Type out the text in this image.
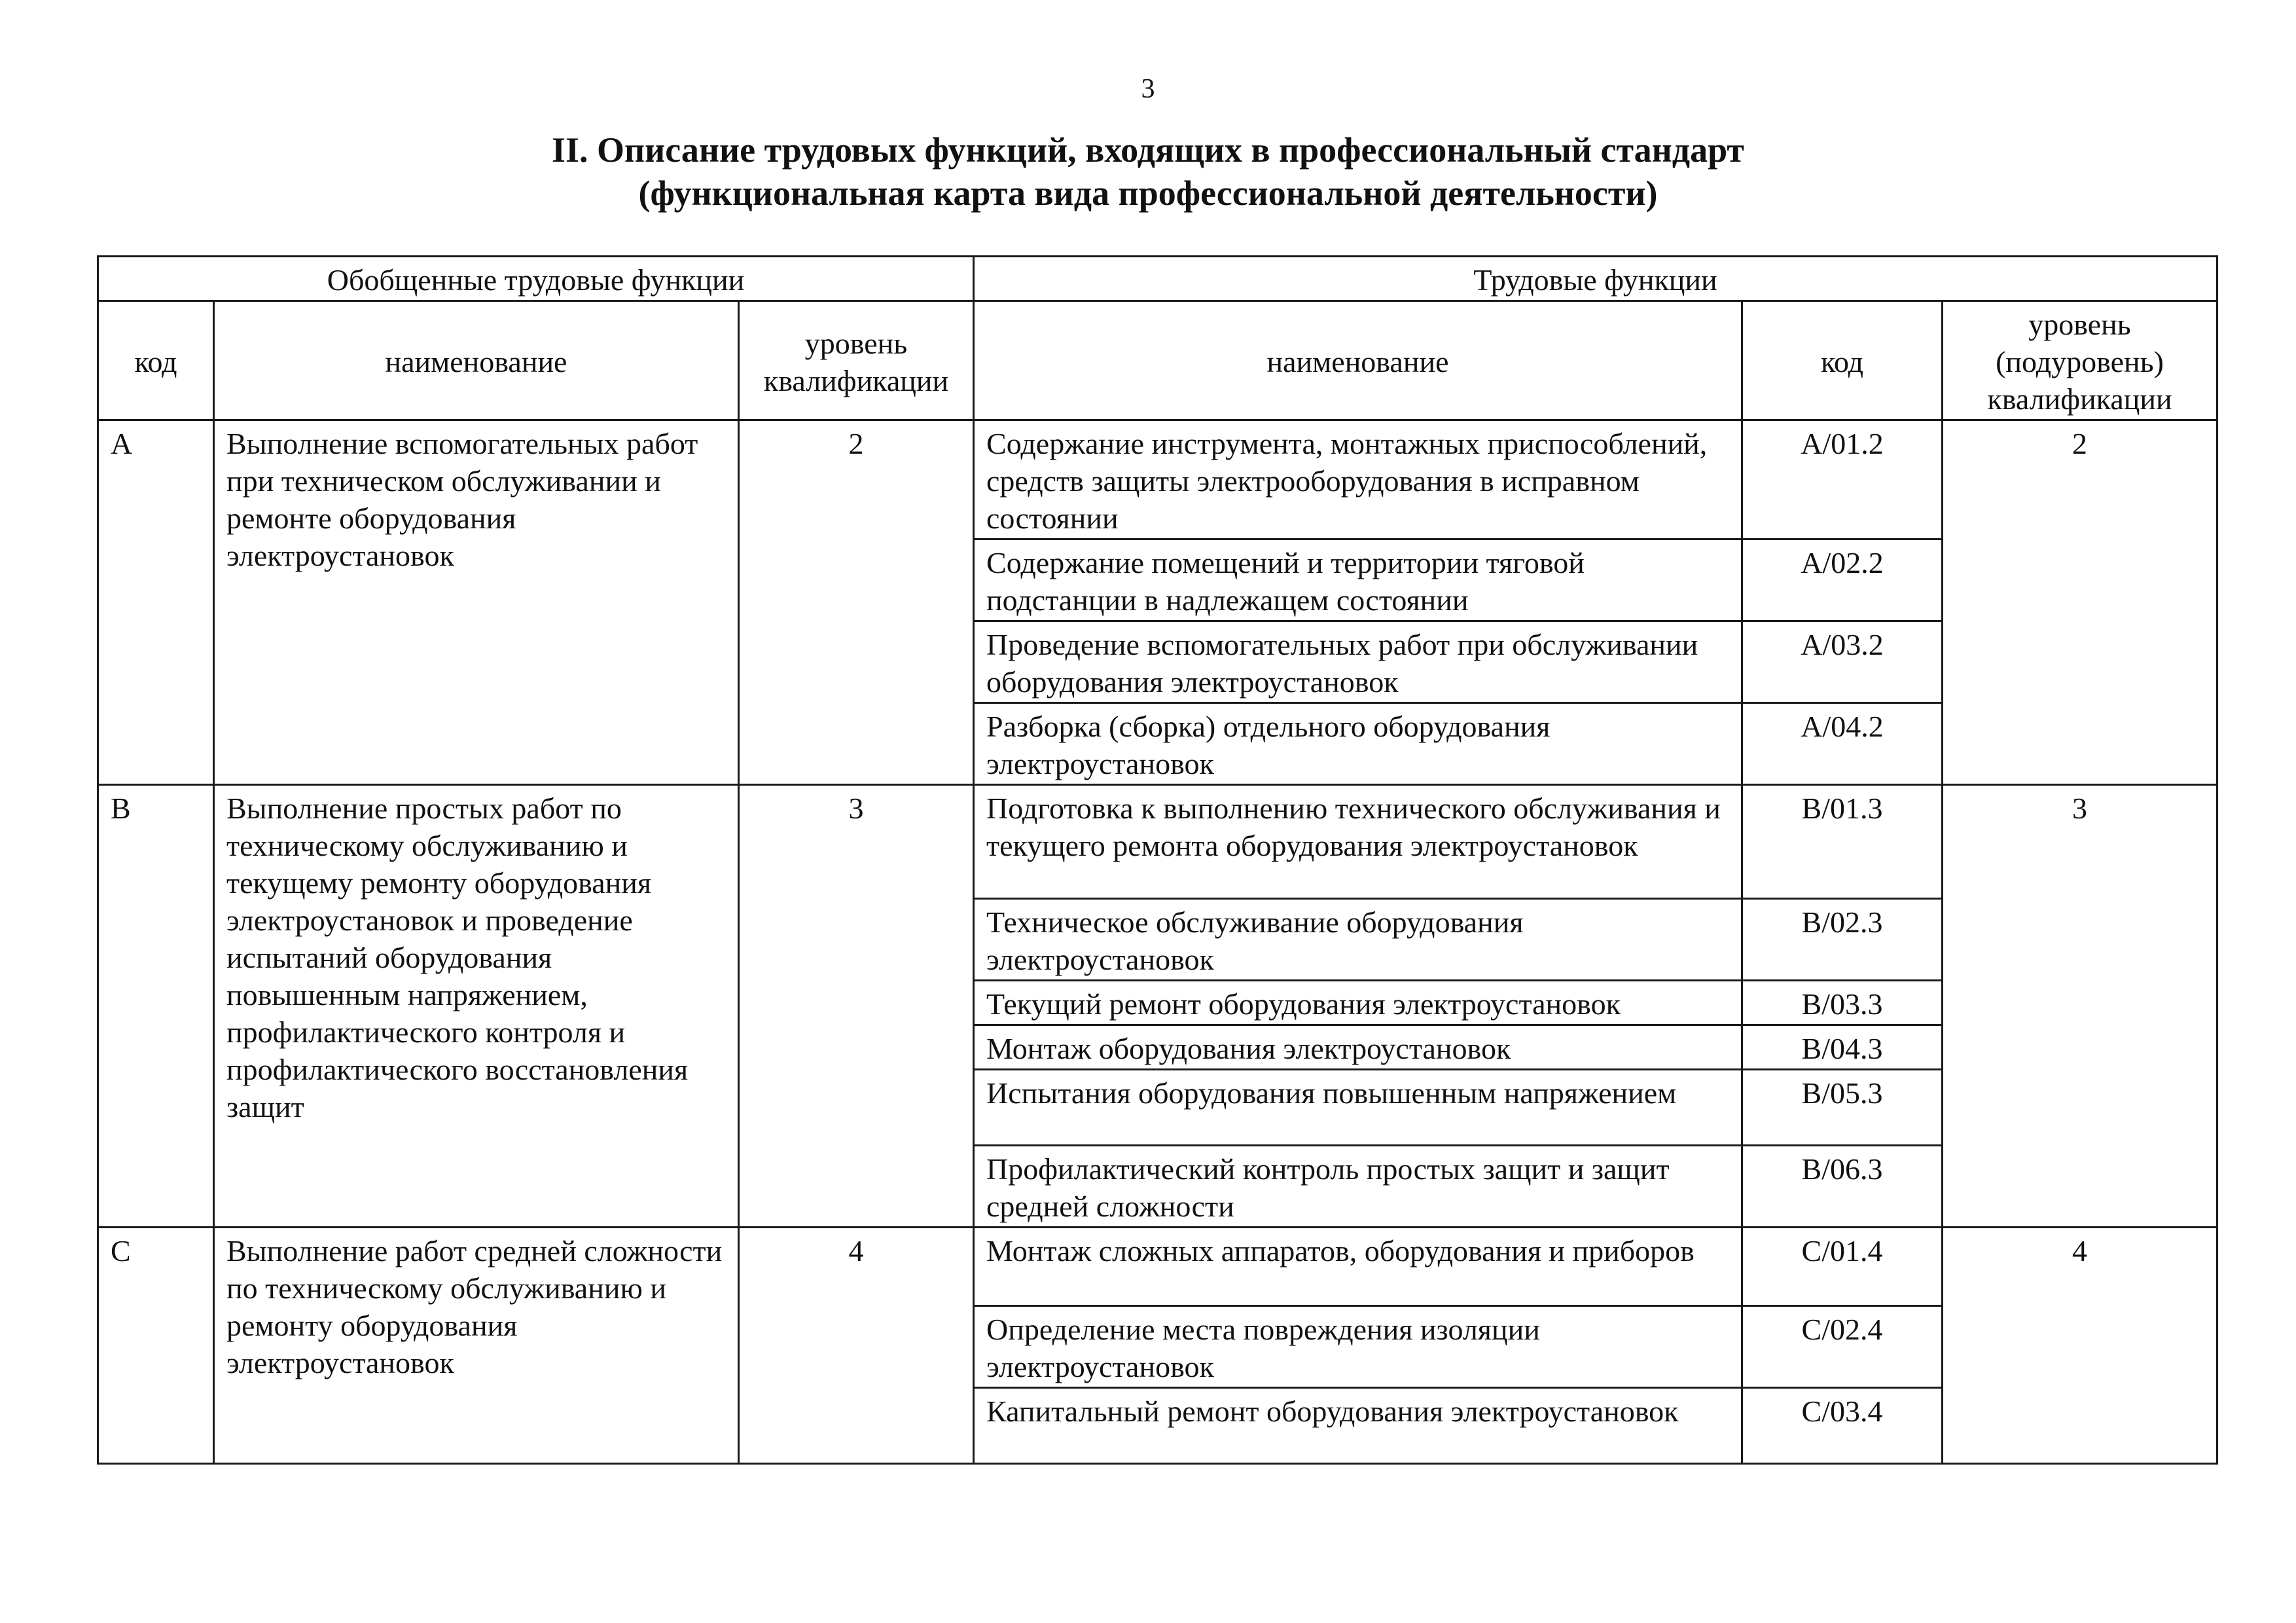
3
II. Описание трудовых функций, входящих в профессиональный стандарт
(функциональная карта вида профессиональной деятельности)
Обобщенные трудовые функции			Трудовые функции		
код	наименование	уровень квалификации	наименование	код	уровень (подуровень) квалификации
А	Выполнение вспомогательных работ при техническом обслуживании и ремонте оборудования электроустановок	2	Содержание инструмента, монтажных приспособлений, средств защиты электрооборудования в исправном состоянии	А/01.2	2
			Содержание помещений и территории тяговой подстанции в надлежащем состоянии	А/02.2	
			Проведение вспомогательных работ при обслуживании оборудования электроустановок	А/03.2	
			Разборка (сборка) отдельного оборудования электроустановок	А/04.2	
В	Выполнение простых работ по техническому обслуживанию и текущему ремонту оборудования электроустановок и проведение испытаний оборудования повышенным напряжением, профилактического контроля и профилактического восстановления защит	3	Подготовка к выполнению технического обслуживания и текущего ремонта оборудования электроустановок	В/01.3	3
			Техническое обслуживание оборудования электроустановок	В/02.3	
			Текущий ремонт оборудования электроустановок	В/03.3	
			Монтаж оборудования электроустановок	В/04.3	
			Испытания оборудования повышенным напряжением	В/05.3	
			Профилактический контроль простых защит и защит средней сложности	В/06.3	
С	Выполнение работ средней сложности по техническому обслуживанию и ремонту оборудования электроустановок	4	Монтаж сложных аппаратов, оборудования и приборов	С/01.4	4
			Определение места повреждения изоляции электроустановок	С/02.4	
			Капитальный ремонт оборудования электроустановок	С/03.4	
